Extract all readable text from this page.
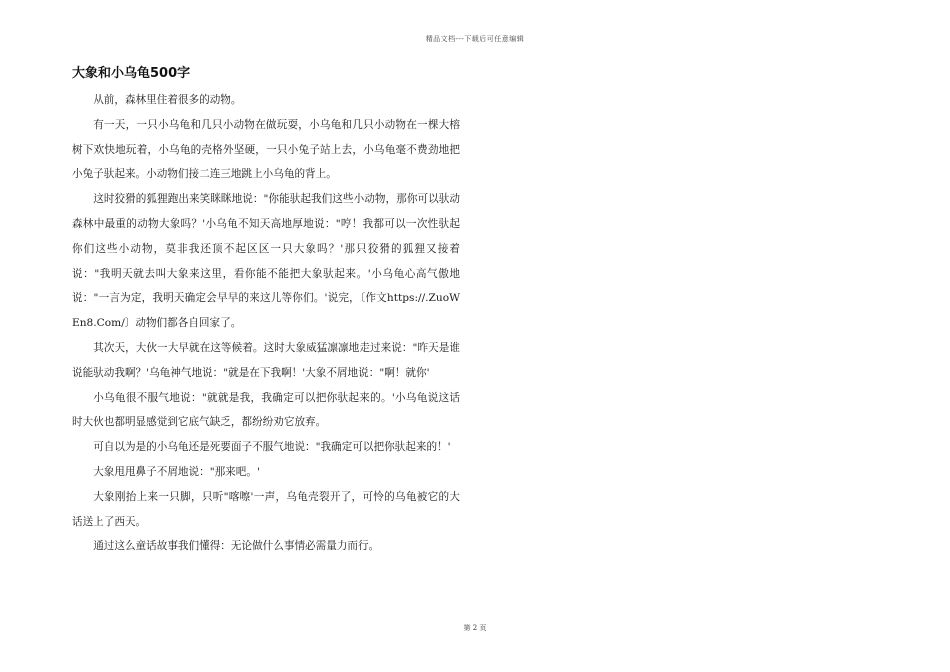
精品文档---下载后可任意编辑
大象和小乌龟500字

从前，森林里住着很多的动物。

有一天，一只小乌龟和几只小动物在做玩耍，小乌龟和几只小动物在一棵大榕树下欢快地玩着，小乌龟的壳格外坚硬，一只小兔子站上去，小乌龟毫不费劲地把小兔子驮起来。小动物们接二连三地跳上小乌龟的背上。

这时狡猾的狐狸跑出来笑眯眯地说："你能驮起我们这些小动物，那你可以驮动森林中最重的动物大象吗？'小乌龟不知天高地厚地说："哼！我都可以一次性驮起你们这些小动物，莫非我还顶不起区区一只大象吗？'那只狡猾的狐狸又接着说："我明天就去叫大象来这里，看你能不能把大象驮起来。'小乌龟心高气傲地说："一言为定，我明天确定会早早的来这儿等你们。'说完，〔作文https://.ZuoWEn8.Com/〕动物们都各自回家了。

其次天，大伙一大早就在这等候着。这时大象威猛凛凛地走过来说："昨天是谁说能驮动我啊？'乌龟神气地说："就是在下我啊！'大象不屑地说："啊！就你'

小乌龟很不服气地说："就就是我，我确定可以把你驮起来的。'小乌龟说这话时大伙也都明显感觉到它底气缺乏，都纷纷劝它放弃。

可自以为是的小乌龟还是死要面子不服气地说："我确定可以把你驮起来的！'

大象甩甩鼻子不屑地说："那来吧。'

大象刚抬上来一只脚，只听"喀嚓'一声，乌龟壳裂开了，可怜的乌龟被它的大话送上了西天。

通过这么童话故事我们懂得：无论做什么事情必需量力而行。

第 2 页
